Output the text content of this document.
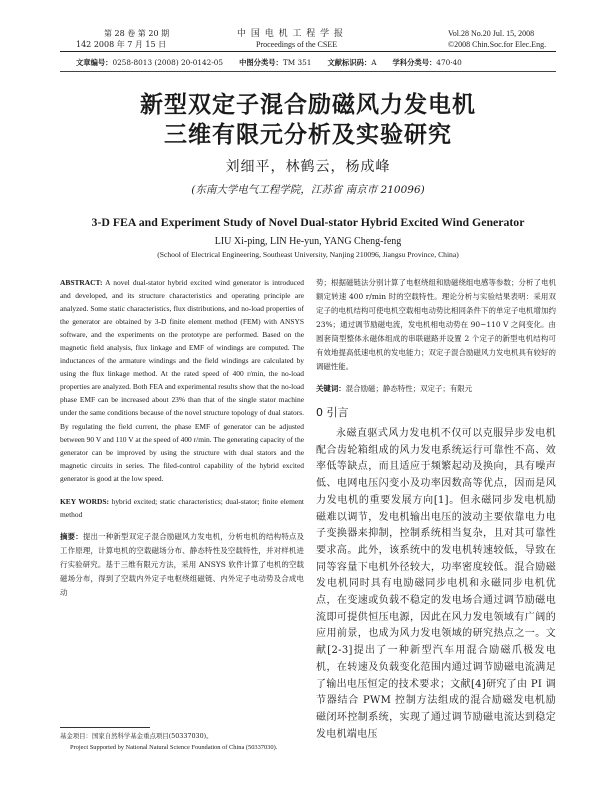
第 28 卷 第 20 期
142 2008 年 7 月 15 日
中 国 电 机 工 程 学 报
Proceedings of the CSEE
Vol.28 No.20 Jul. 15, 2008
©2008 Chin.Soc.for Elec.Eng.
文章编号：0258-8013 (2008) 20-0142-05 中图分类号：TM 351 文献标识码：A 学科分类号：470·40
新型双定子混合励磁风力发电机
三维有限元分析及实验研究
刘细平，林鹤云，杨成峰
(东南大学电气工程学院，江苏省 南京市 210096)
3-D FEA and Experiment Study of Novel Dual-stator Hybrid Excited Wind Generator
LIU Xi-ping, LIN He-yun, YANG Cheng-feng
(School of Electrical Engineering, Southeast University, Nanjing 210096, Jiangsu Province, China)

ABSTRACT: A novel dual-stator hybrid excited wind generator is introduced and developed, and its structure characteristics and operating principle are analyzed. Some static characteristics, flux distributions, and no-load properties of the generator are obtained by 3-D finite element method (FEM) with ANSYS software, and the experiments on the prototype are performed. Based on the magnetic field analysis, flux linkage and EMF of windings are computed. The inductances of the armature windings and the field windings are calculated by using the flux linkage method. At the rated speed of 400 r/min, the no-load properties are analyzed. Both FEA and experimental results show that the no-load phase EMF can be increased about 23% than that of the single stator machine under the same conditions because of the novel structure topology of dual stators. By regulating the field current, the phase EMF of generator can be adjusted between 90 V and 110 V at the speed of 400 r/min. The generating capacity of the generator can be improved by using the structure with dual stators and the magnetic circuits in series. The filed-control capability of the hybrid excited generator is good at the low speed.

KEY WORDS: hybrid excited; static characteristics; dual-stator; finite element method

摘要：提出一种新型双定子混合励磁风力发电机，分析电机的结构特点及工作原理，计算电机的空载磁场分布、静态特性及空载特性，并对样机进行实验研究。基于三维有限元方法，采用 ANSYS 软件计算了电机的空载磁场分布，得到了空载内外定子电枢绕组磁链、内外定子电动势及合成电动

基金项目：国家自然科学基金重点项目(50337030)。

Project Supported by National Natural Science Foundation of China (50337030).

势；根据磁链法分别计算了电枢绕组和励磁绕组电感等参数；分析了电机额定转速 400 r/min 时的空载特性。理论分析与实验结果表明：采用双定子的电机结构可使电机空载相电动势比相同条件下的单定子电机增加约 23%；通过调节励磁电流，发电机相电动势在 90~110 V 之间变化。由圆套筒型整体永磁体组成的串联磁路并设置 2 个定子的新型电机结构可有效地提高低速电机的发电能力；双定子混合励磁风力发电机具有较好的调磁性能。

关键词：混合励磁；静态特性；双定子；有限元

0 引言

永磁直驱式风力发电机不仅可以克服异步发电机配合齿轮箱组成的风力发电系统运行可靠性不高、效率低等缺点，而且适应于频繁起动及换向，具有噪声低、电网电压闪变小及功率因数高等优点，因而是风力发电机的重要发展方向[1]。但永磁同步发电机励磁难以调节，发电机输出电压的波动主要依靠电力电子变换器来抑制，控制系统相当复杂，且对其可靠性要求高。此外，该系统中的发电机转速较低，导致在同等容量下电机外径较大，功率密度较低。混合励磁发电机同时具有电励磁同步电机和永磁同步电机优点，在变速或负载不稳定的发电场合通过调节励磁电流即可提供恒压电源，因此在风力发电领域有广阔的应用前景，也成为风力发电领域的研究热点之一。文献[2-3]提出了一种新型汽车用混合励磁爪极发电机，在转速及负载变化范围内通过调节励磁电流满足了输出电压恒定的技术要求；文献[4]研究了由 PI 调节器结合 PWM 控制方法组成的混合励磁发电机励磁闭环控制系统，实现了通过调节励磁电流达到稳定发电机端电压
